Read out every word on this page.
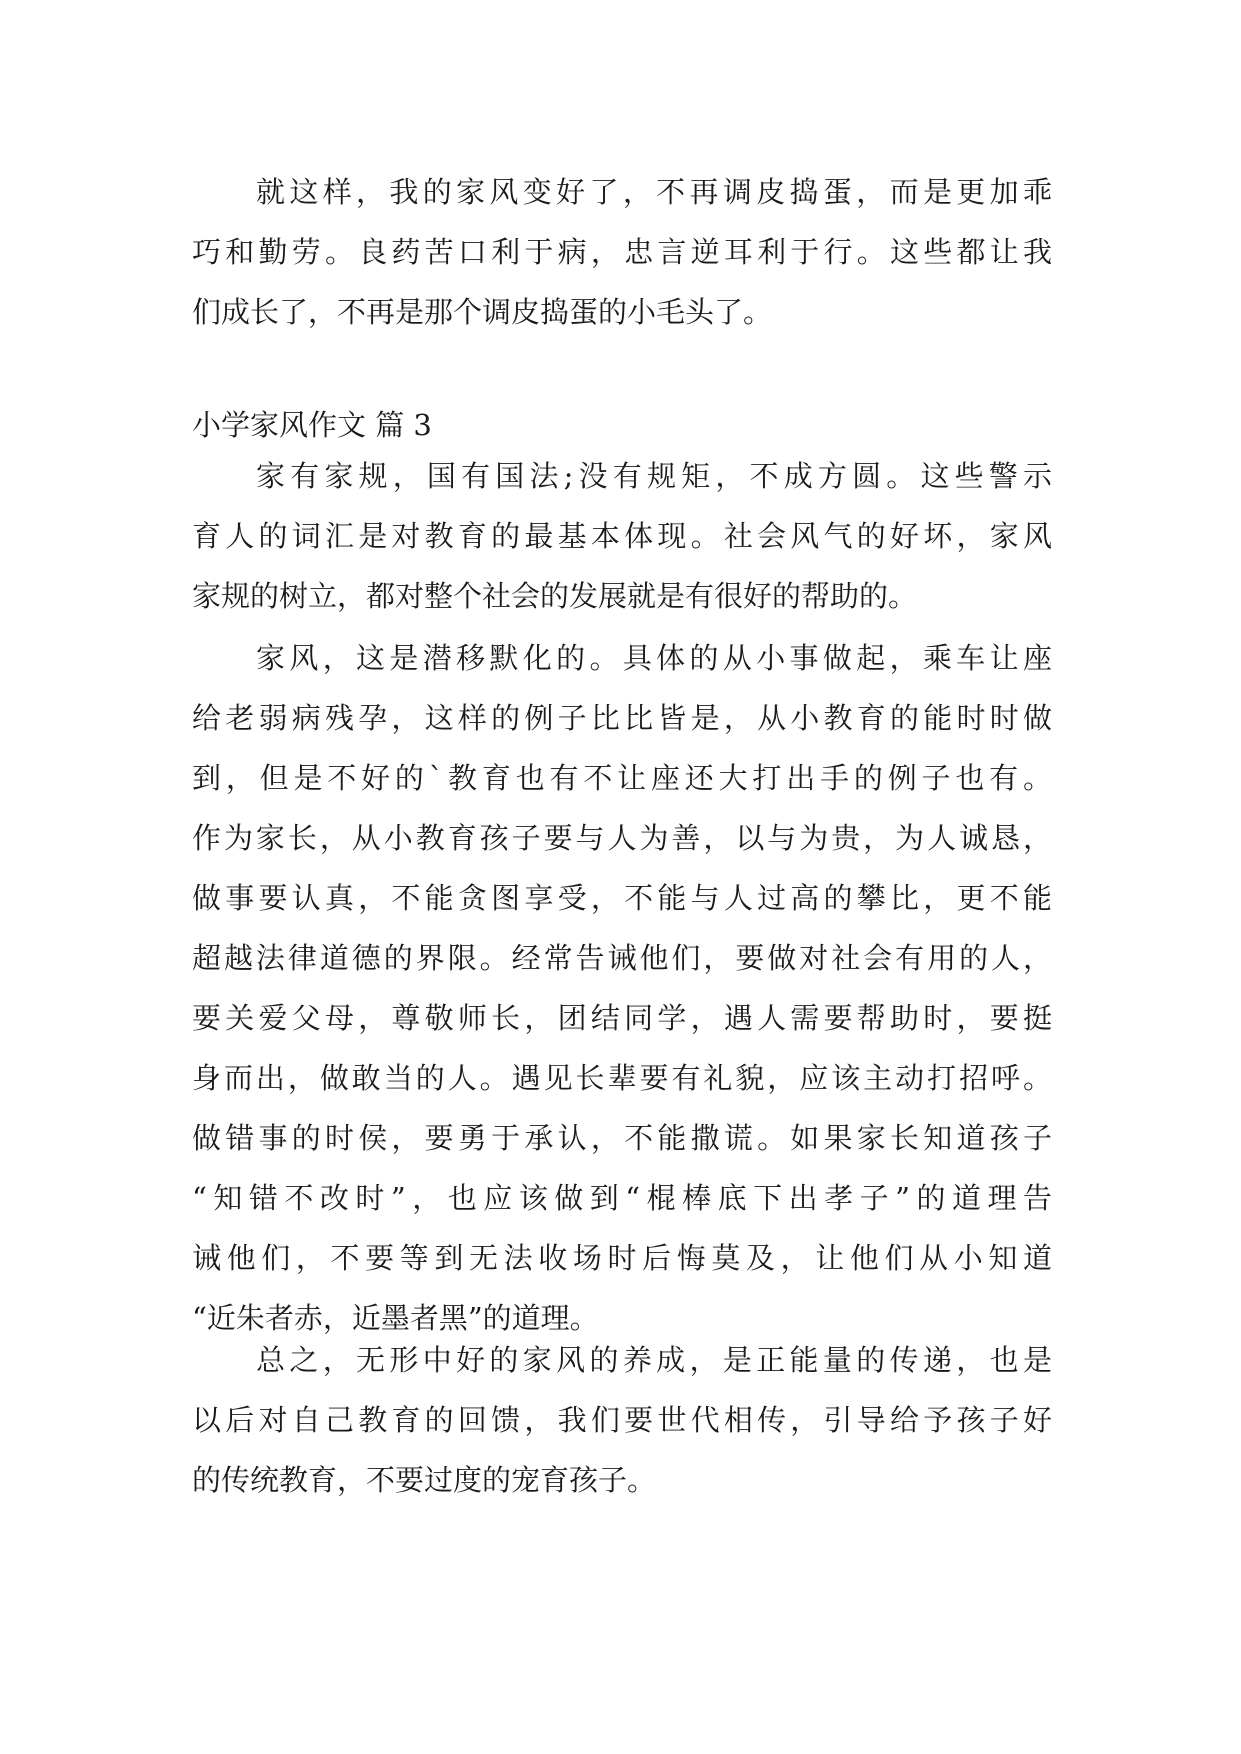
就这样，我的家风变好了，不再调皮捣蛋，而是更加乖
巧和勤劳。良药苦口利于病，忠言逆耳利于行。这些都让我
们成长了，不再是那个调皮捣蛋的小毛头了。
小学家风作文 篇 3
家有家规，国有国法;没有规矩，不成方圆。这些警示
育人的词汇是对教育的最基本体现。社会风气的好坏，家风
家规的树立，都对整个社会的发展就是有很好的帮助的。
家风，这是潜移默化的。具体的从小事做起，乘车让座
给老弱病残孕，这样的例子比比皆是，从小教育的能时时做
到，但是不好的`教育也有不让座还大打出手的例子也有。
作为家长，从小教育孩子要与人为善，以与为贵，为人诚恳，
做事要认真，不能贪图享受，不能与人过高的攀比，更不能
超越法律道德的界限。经常告诫他们，要做对社会有用的人，
要关爱父母，尊敬师长，团结同学，遇人需要帮助时，要挺
身而出，做敢当的人。遇见长辈要有礼貌，应该主动打招呼。
做错事的时侯，要勇于承认，不能撒谎。如果家长知道孩子
“知错不改时”，也应该做到“棍棒底下出孝子”的道理告
诫他们，不要等到无法收场时后悔莫及，让他们从小知道
“近朱者赤，近墨者黑”的道理。
总之，无形中好的家风的养成，是正能量的传递，也是
以后对自己教育的回馈，我们要世代相传，引导给予孩子好
的传统教育，不要过度的宠育孩子。
